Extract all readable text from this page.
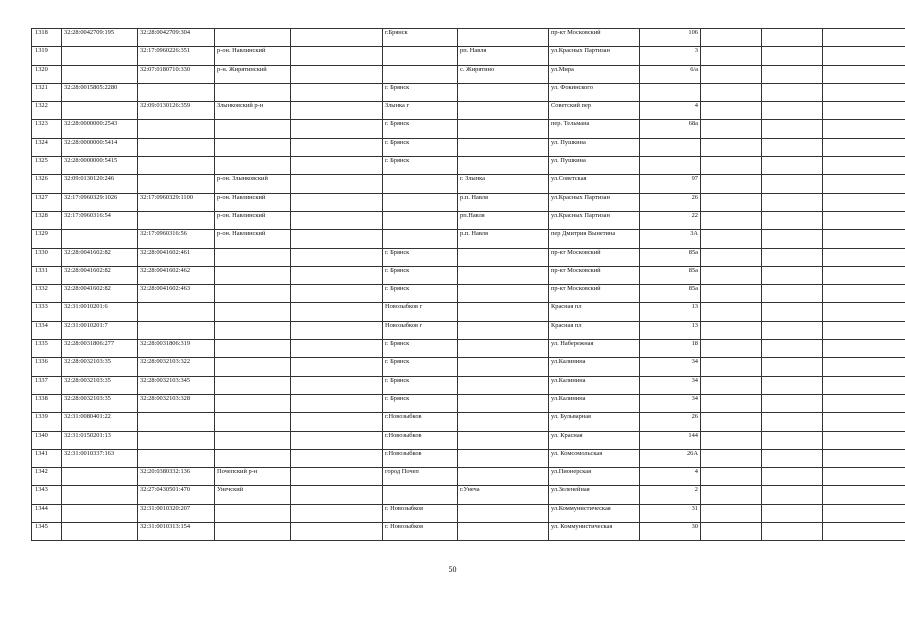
1318	32:28:0042709:195	32:28:0042709:304			г.Брянск		пр-кт Московский	106			
1319		32:17:0960226:351	р-он. Навлинский			рп. Навля	ул.Красных Партизан	3			
1320		32:07:0180710:330	р-н. Жирятинский			с. Жирятино	ул.Мира	6/а			
1321	32:28:0015805:2280				г. Брянск		ул. Фокинского				
1322		32:09:0130126:359	Злынковский р-н		Злынка г		Советский пер	4			
1323	32:28:0000000:2543				г. Брянск		пер. Тельмана	68а			
1324	32:28:0000000:5414				г. Брянск		ул. Пушкина				
1325	32:28:0000000:5415				г. Брянск		ул. Пушкина				
1326	32:09:0130120:246		р-он. Злынковский			г. Злынка	ул.Советская	97			
1327	32:17:0960329:1026	32:17:0960329:1100	р-он. Навлинский			р.п. Навля	ул.Красных Партизан	26			
1328	32:17:0960316:54		р-он. Навлинский			рп.Навля	ул.Красных Партизан	22			
1329		32:17:0960316:56	р-он. Навлинский			р.п. Навля	пер Дмитрия Вынетина	3А			
1330	32:28:0041602:82	32:28:0041602:461			г. Брянск		пр-кт Московский	85а			
1331	32:28:0041602:82	32:28:0041602:462			г. Брянск		пр-кт Московский	85а			
1332	32:28:0041602:82	32:28:0041602:463			г. Брянск		пр-кт Московский	85а			
1333	32:31:0010201:6				Новозыбков г		Красная пл	13			
1334	32:31:0010201:7				Новозыбков г		Красная пл	13			
1335	32:28:0031806:277	32:28:0031806:319			г. Брянск		ул. Набережная	18			
1336	32:28:0032103:35	32:28:0032103:322			г. Брянск		ул.Калинина	34			
1337	32:28:0032103:35	32:28:0032103:345			г. Брянск		ул.Калинина	34			
1338	32:28:0032103:35	32:28:0032103:328			г. Брянск		ул.Калинина	34			
1339	32:31:0080401:22				г.Новозыбков		ул. Бульварная	26			
1340	32:31:0150201:13				г.Новозыбков		ул. Красная	144			
1341	32:31:0010337:163				г.Новозыбков		ул. Комсомольская	26А			
1342		32:20:0380332:136	Почепский р-н		город Почеп		ул.Пионерская	4			
1343		32:27:0430501:470	Унечский			г.Унеча	ул.Зеленейная	2			
1344		32:31:0010320:207			г. Новозыбков		ул.Коммунистическая	31			
1345		32:31:0010313:154			г. Новозыбков		ул. Коммунистическая	30			
50
